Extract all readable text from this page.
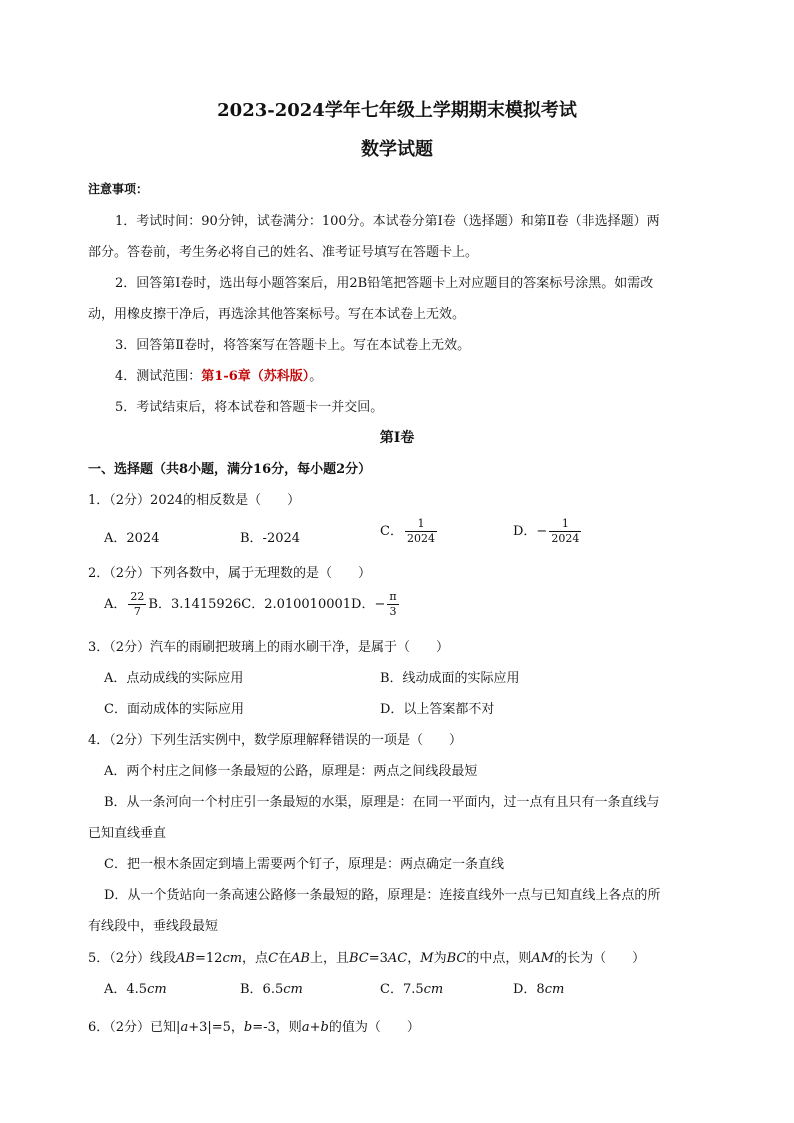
2023-2024学年七年级上学期期末模拟考试
数学试题
注意事项：
1．考试时间：90分钟，试卷满分：100分。本试卷分第Ⅰ卷（选择题）和第Ⅱ卷（非选择题）两
部分。答卷前，考生务必将自己的姓名、准考证号填写在答题卡上。
2．回答第Ⅰ卷时，选出每小题答案后，用2B铅笔把答题卡上对应题目的答案标号涂黑。如需改
动，用橡皮擦干净后，再选涂其他答案标号。写在本试卷上无效。
3．回答第Ⅱ卷时，将答案写在答题卡上。写在本试卷上无效。
4．测试范围：第1-6章（苏科版）。
5．考试结束后，将本试卷和答题卡一并交回。
第Ⅰ卷
一、选择题（共8小题，满分16分，每小题2分）
1．（2分）2024的相反数是（　　）
A．2024	B．-2024	C． $\frac{1}{2024}$	D．− $\frac{1}{2024}$
2．（2分）下列各数中，属于无理数的是（　　）
A． $\frac{22}{7}$ B．3.1415926C．2.010010001D．− $\frac{\pi}{3}$
3．（2分）汽车的雨刷把玻璃上的雨水刷干净，是属于（　　）
A．点动成线的实际应用	B．线动成面的实际应用
C．面动成体的实际应用	D．以上答案都不对
4．（2分）下列生活实例中，数学原理解释错误的一项是（　　）
A．两个村庄之间修一条最短的公路，原理是：两点之间线段最短
B．从一条河向一个村庄引一条最短的水渠，原理是：在同一平面内，过一点有且只有一条直线与
已知直线垂直
C．把一根木条固定到墙上需要两个钉子，原理是：两点确定一条直线
D．从一个货站向一条高速公路修一条最短的路，原理是：连接直线外一点与已知直线上各点的所
有线段中，垂线段最短
5．（2分）线段AB=12cm，点C在AB上，且BC=3AC，M为BC的中点，则AM的长为（　　）
A．4.5cm	B．6.5cm	C．7.5cm	D．8cm
6．（2分）已知|a+3|=5，b=-3，则a+b的值为（　　）
